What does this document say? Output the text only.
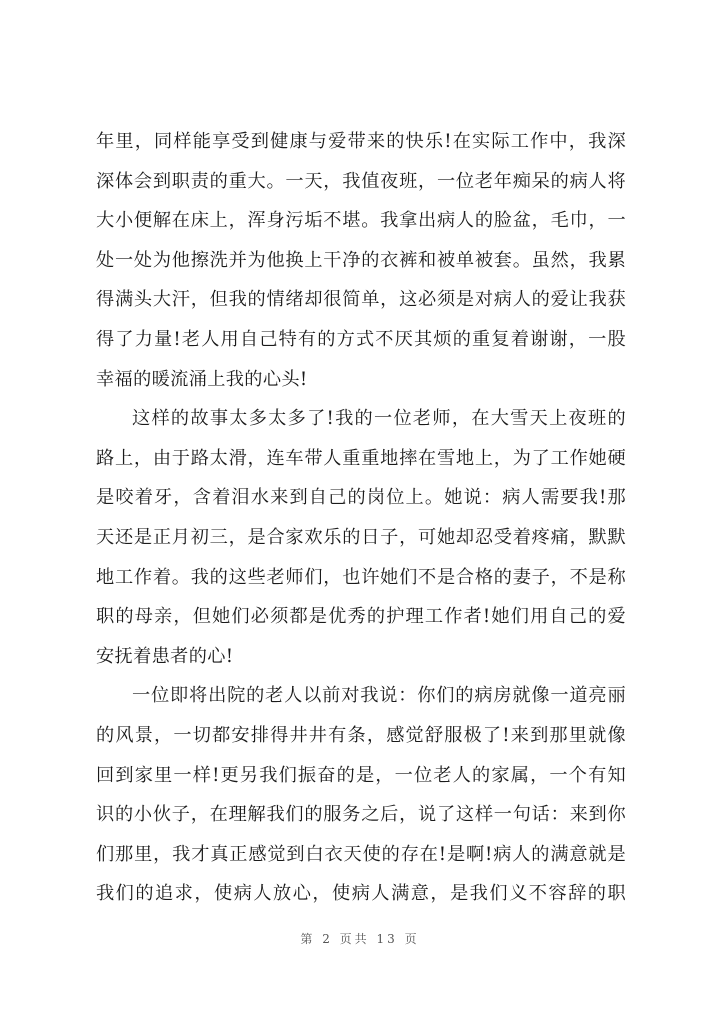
年里，同样能享受到健康与爱带来的快乐!在实际工作中，我深
深体会到职责的重大。一天，我值夜班，一位老年痴呆的病人将
大小便解在床上，浑身污垢不堪。我拿出病人的脸盆，毛巾，一
处一处为他擦洗并为他换上干净的衣裤和被单被套。虽然，我累
得满头大汗，但我的情绪却很简单，这必须是对病人的爱让我获
得了力量!老人用自己特有的方式不厌其烦的重复着谢谢，一股
幸福的暖流涌上我的心头!
这样的故事太多太多了!我的一位老师，在大雪天上夜班的
路上，由于路太滑，连车带人重重地摔在雪地上，为了工作她硬
是咬着牙，含着泪水来到自己的岗位上。她说：病人需要我!那
天还是正月初三，是合家欢乐的日子，可她却忍受着疼痛，默默
地工作着。我的这些老师们，也许她们不是合格的妻子，不是称
职的母亲，但她们必须都是优秀的护理工作者!她们用自己的爱
安抚着患者的心!
一位即将出院的老人以前对我说：你们的病房就像一道亮丽
的风景，一切都安排得井井有条，感觉舒服极了!来到那里就像
回到家里一样!更另我们振奋的是，一位老人的家属，一个有知
识的小伙子，在理解我们的服务之后，说了这样一句话：来到你
们那里，我才真正感觉到白衣天使的存在!是啊!病人的满意就是
我们的追求，使病人放心，使病人满意，是我们义不容辞的职
第 2 页共 13 页
